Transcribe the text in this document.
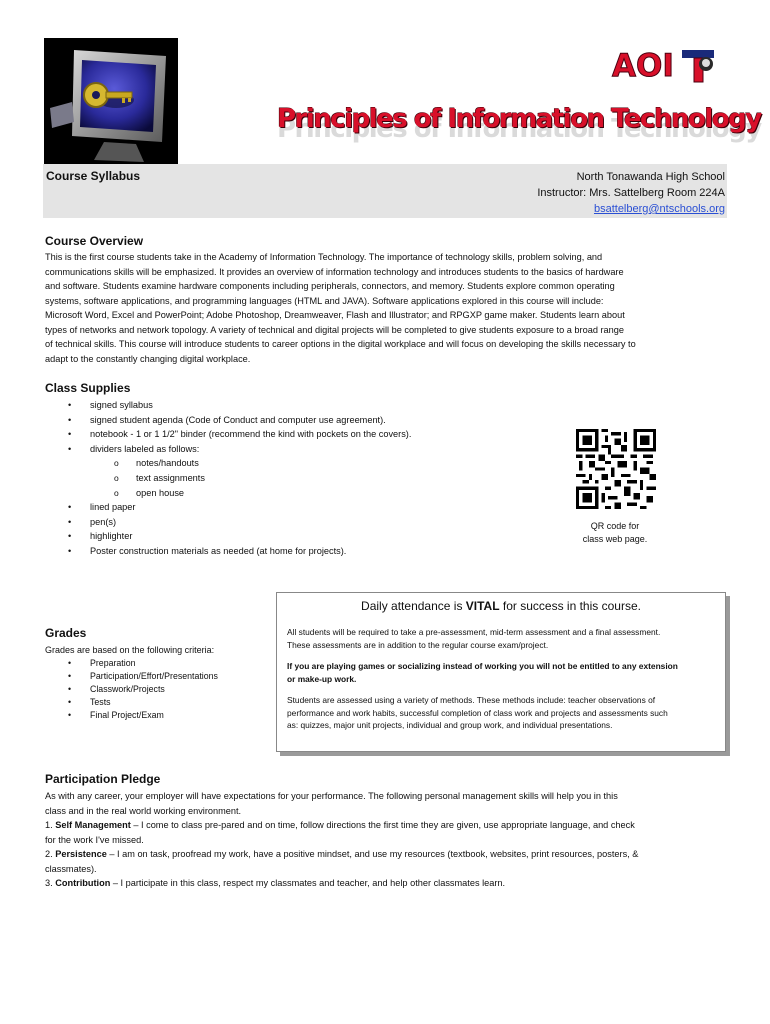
AOI
Principles of Information Technology
Course Syllabus	North Tonawanda High School
Instructor: Mrs. Sattelberg Room 224A
bsattelberg@ntschools.org
Course Overview
This is the first course students take in the Academy of Information Technology. The importance of technology skills, problem solving, and
communications skills will be emphasized. It provides an overview of information technology and introduces students to the basics of hardware
and software. Students examine hardware components including peripherals, connectors, and memory. Students explore common operating
systems, software applications, and programming languages (HTML and JAVA). Software applications explored in this course will include:
Microsoft Word, Excel and PowerPoint; Adobe Photoshop, Dreamweaver, Flash and Illustrator; and RPGXP game maker. Students learn about
types of networks and network topology. A variety of technical and digital projects will be completed to give students exposure to a broad range
of technical skills. This course will introduce students to career options in the digital workplace and will focus on developing the skills necessary to
adapt to the constantly changing digital workplace.
Class Supplies
• signed syllabus
• signed student agenda (Code of Conduct and computer use agreement).
• notebook - 1 or 1 1/2" binder (recommend the kind with pockets on the covers).
• dividers labeled as follows:
o notes/handouts
o text assignments
o open house
• lined paper
• pen(s)
• highlighter
• Poster construction materials as needed (at home for projects).
QR code for
class web page.
Grades
Grades are based on the following criteria:
• Preparation
• Participation/Effort/Presentations
• Classwork/Projects
• Tests
• Final Project/Exam
Daily attendance is VITAL for success in this course.
All students will be required to take a pre-assessment, mid-term assessment and a final assessment.
These assessments are in addition to the regular course exam/project.
If you are playing games or socializing instead of working you will not be entitled to any extension
or make-up work.
Students are assessed using a variety of methods. These methods include: teacher observations of
performance and work habits, successful completion of class work and projects and assessments such
as: quizzes, major unit projects, individual and group work, and individual presentations.
Participation Pledge
As with any career, your employer will have expectations for your performance. The following personal management skills will help you in this
class and in the real world working environment.
1. Self Management – I come to class pre-pared and on time, follow directions the first time they are given, use appropriate language, and check
for the work I've missed.
2. Persistence – I am on task, proofread my work, have a positive mindset, and use my resources (textbook, websites, print resources, posters, &
classmates).
3. Contribution – I participate in this class, respect my classmates and teacher, and help other classmates learn.
